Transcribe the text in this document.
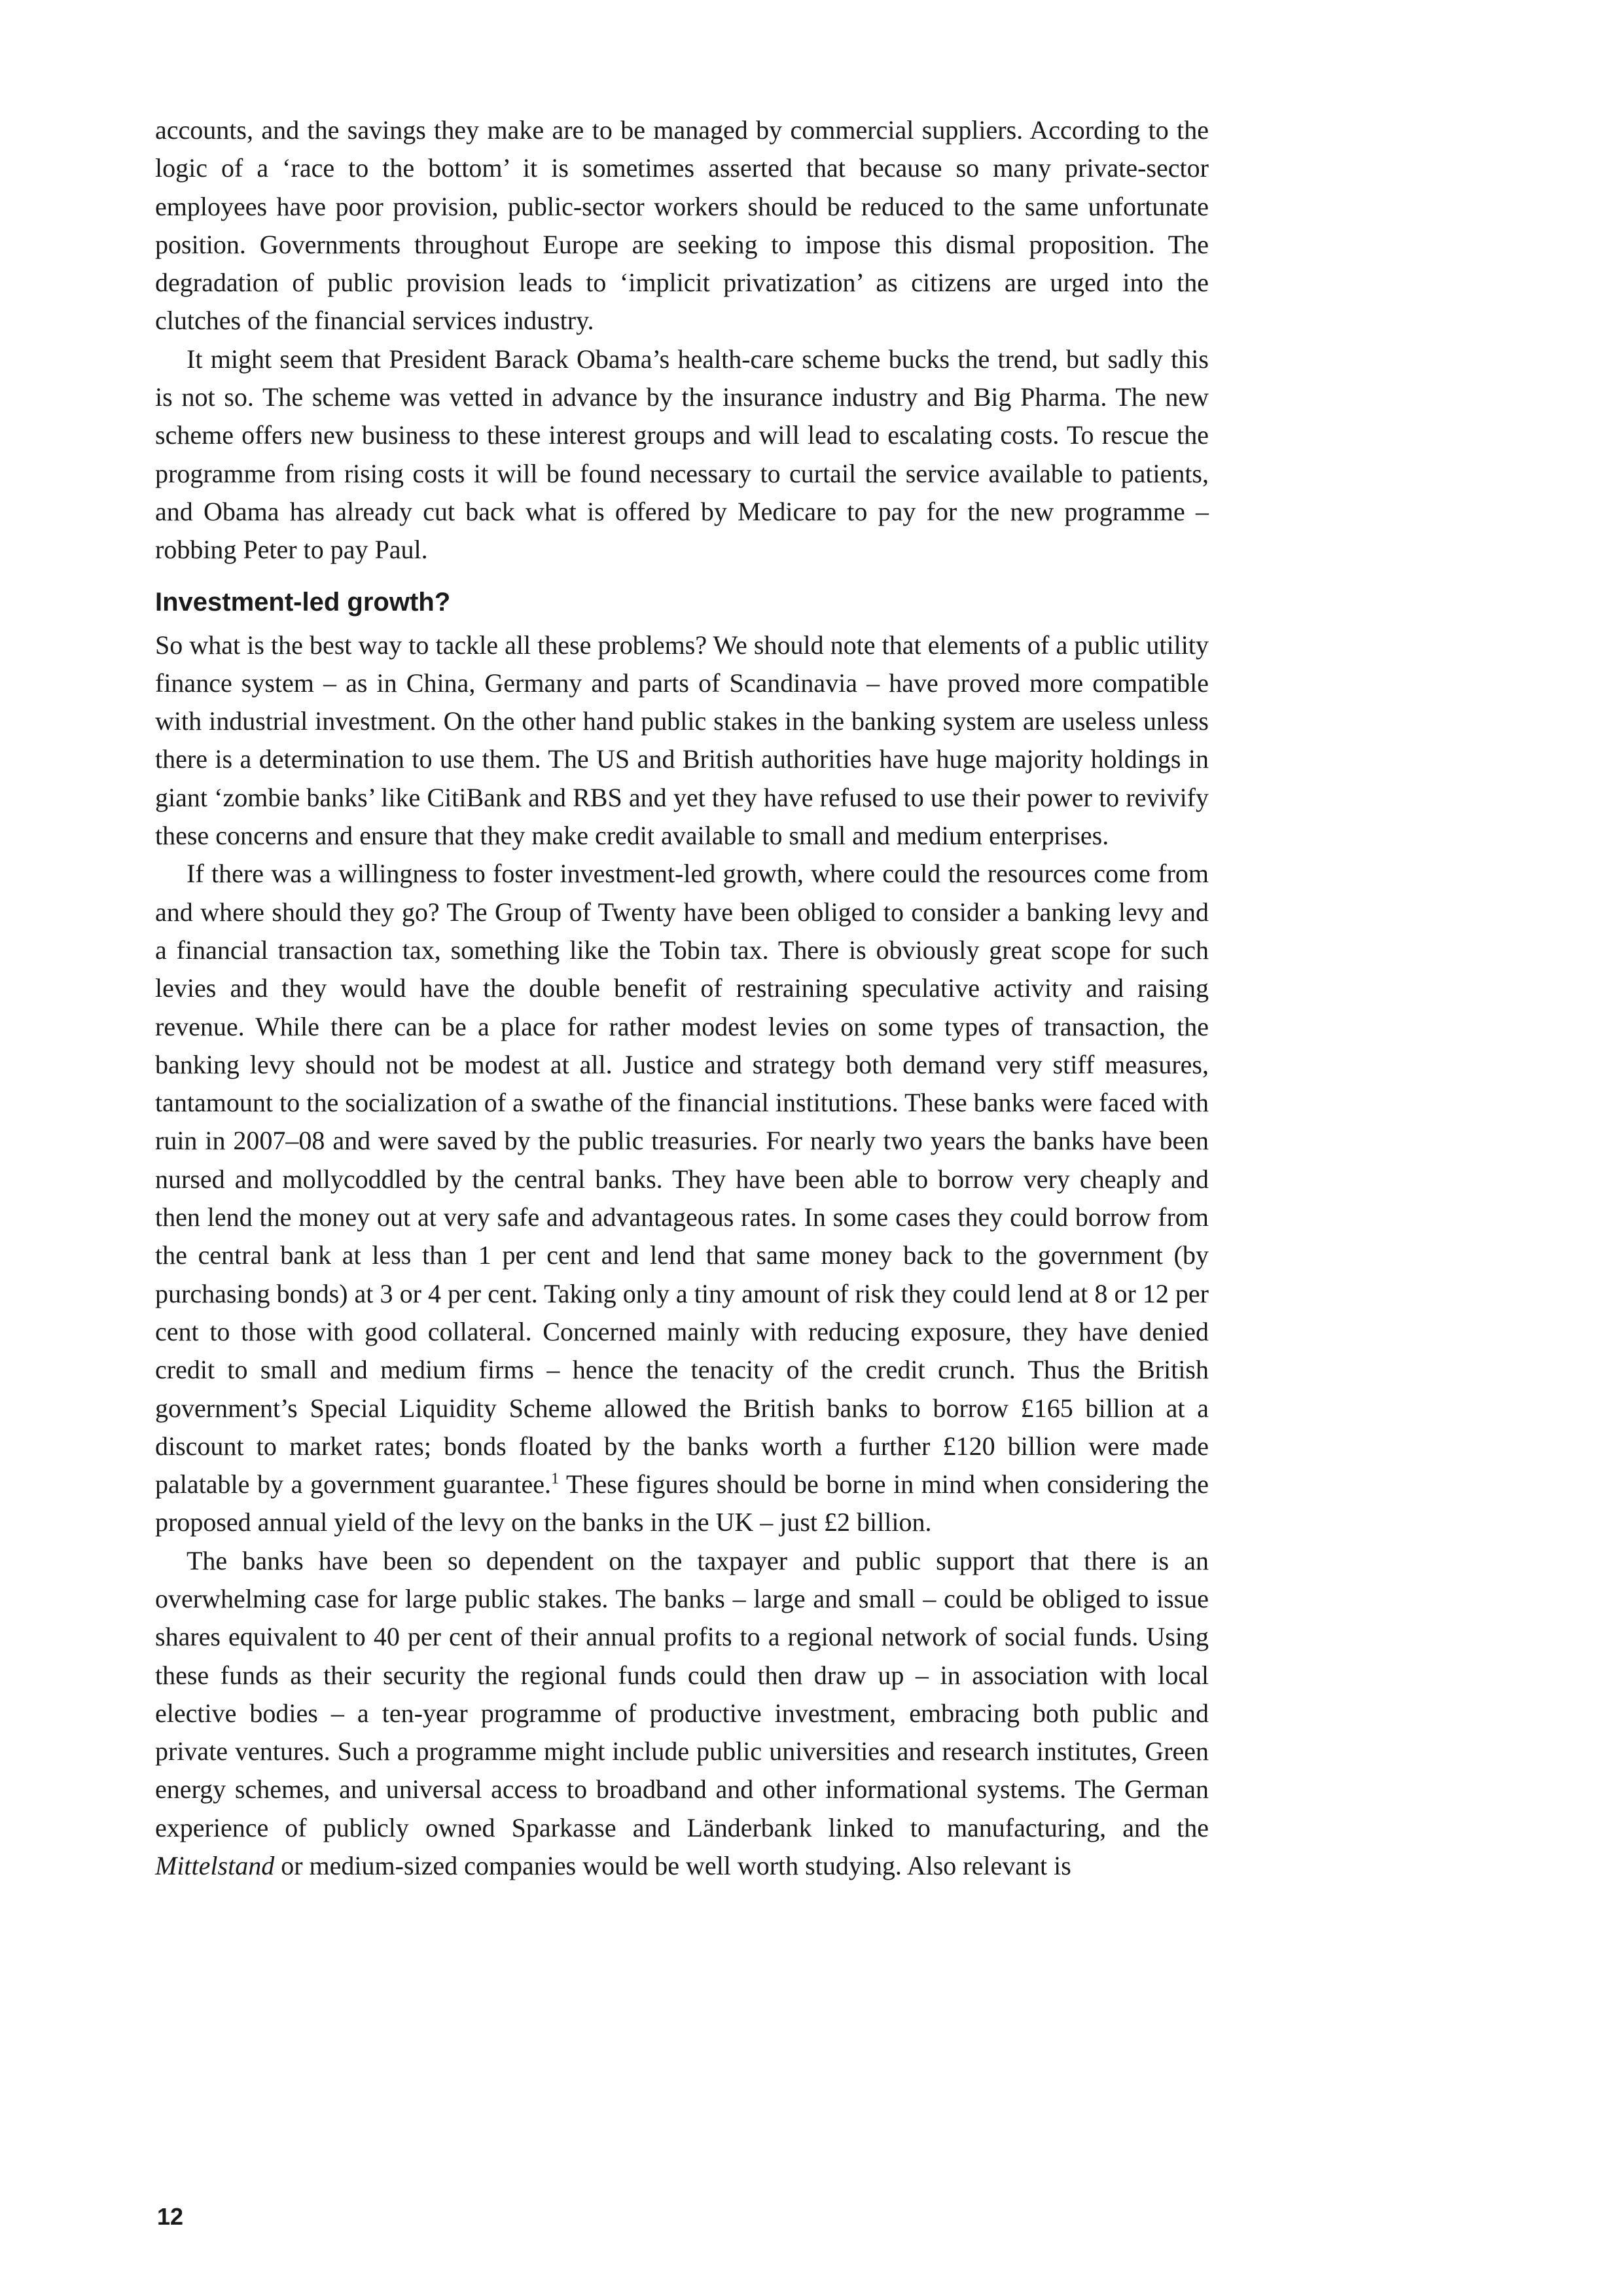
accounts, and the savings they make are to be managed by commercial suppliers. According to the logic of a ‘race to the bottom’ it is sometimes asserted that because so many private-sector employees have poor provision, public-sector workers should be reduced to the same unfortunate position. Governments throughout Europe are seeking to impose this dismal proposition. The degradation of public provision leads to ‘implicit privatization’ as citizens are urged into the clutches of the financial services industry.

It might seem that President Barack Obama’s health-care scheme bucks the trend, but sadly this is not so. The scheme was vetted in advance by the insurance industry and Big Pharma. The new scheme offers new business to these interest groups and will lead to escalating costs. To rescue the programme from rising costs it will be found necessary to curtail the service available to patients, and Obama has already cut back what is offered by Medicare to pay for the new programme – robbing Peter to pay Paul.

Investment-led growth?

So what is the best way to tackle all these problems? We should note that elements of a public utility finance system – as in China, Germany and parts of Scandinavia – have proved more compatible with industrial investment. On the other hand public stakes in the banking system are useless unless there is a determination to use them. The US and British authorities have huge majority holdings in giant ‘zombie banks’ like CitiBank and RBS and yet they have refused to use their power to revivify these concerns and ensure that they make credit available to small and medium enterprises.

If there was a willingness to foster investment-led growth, where could the resources come from and where should they go? The Group of Twenty have been obliged to consider a banking levy and a financial transaction tax, something like the Tobin tax. There is obviously great scope for such levies and they would have the double benefit of restraining speculative activity and raising revenue. While there can be a place for rather modest levies on some types of transaction, the banking levy should not be modest at all. Justice and strategy both demand very stiff measures, tantamount to the socialization of a swathe of the financial institutions. These banks were faced with ruin in 2007–08 and were saved by the public treasuries. For nearly two years the banks have been nursed and mollycoddled by the central banks. They have been able to borrow very cheaply and then lend the money out at very safe and advantageous rates. In some cases they could borrow from the central bank at less than 1 per cent and lend that same money back to the government (by purchasing bonds) at 3 or 4 per cent. Taking only a tiny amount of risk they could lend at 8 or 12 per cent to those with good collateral. Concerned mainly with reducing exposure, they have denied credit to small and medium firms – hence the tenacity of the credit crunch. Thus the British government’s Special Liquidity Scheme allowed the British banks to borrow £165 billion at a discount to market rates; bonds floated by the banks worth a further £120 billion were made palatable by a government guarantee.$^1$ These figures should be borne in mind when considering the proposed annual yield of the levy on the banks in the UK – just £2 billion.

The banks have been so dependent on the taxpayer and public support that there is an overwhelming case for large public stakes. The banks – large and small – could be obliged to issue shares equivalent to 40 per cent of their annual profits to a regional network of social funds. Using these funds as their security the regional funds could then draw up – in association with local elective bodies – a ten-year programme of productive investment, embracing both public and private ventures. Such a programme might include public universities and research institutes, Green energy schemes, and universal access to broadband and other informational systems. The German experience of publicly owned Sparkasse and Länderbank linked to manufacturing, and the Mittelstand or medium-sized companies would be well worth studying. Also relevant is

12
